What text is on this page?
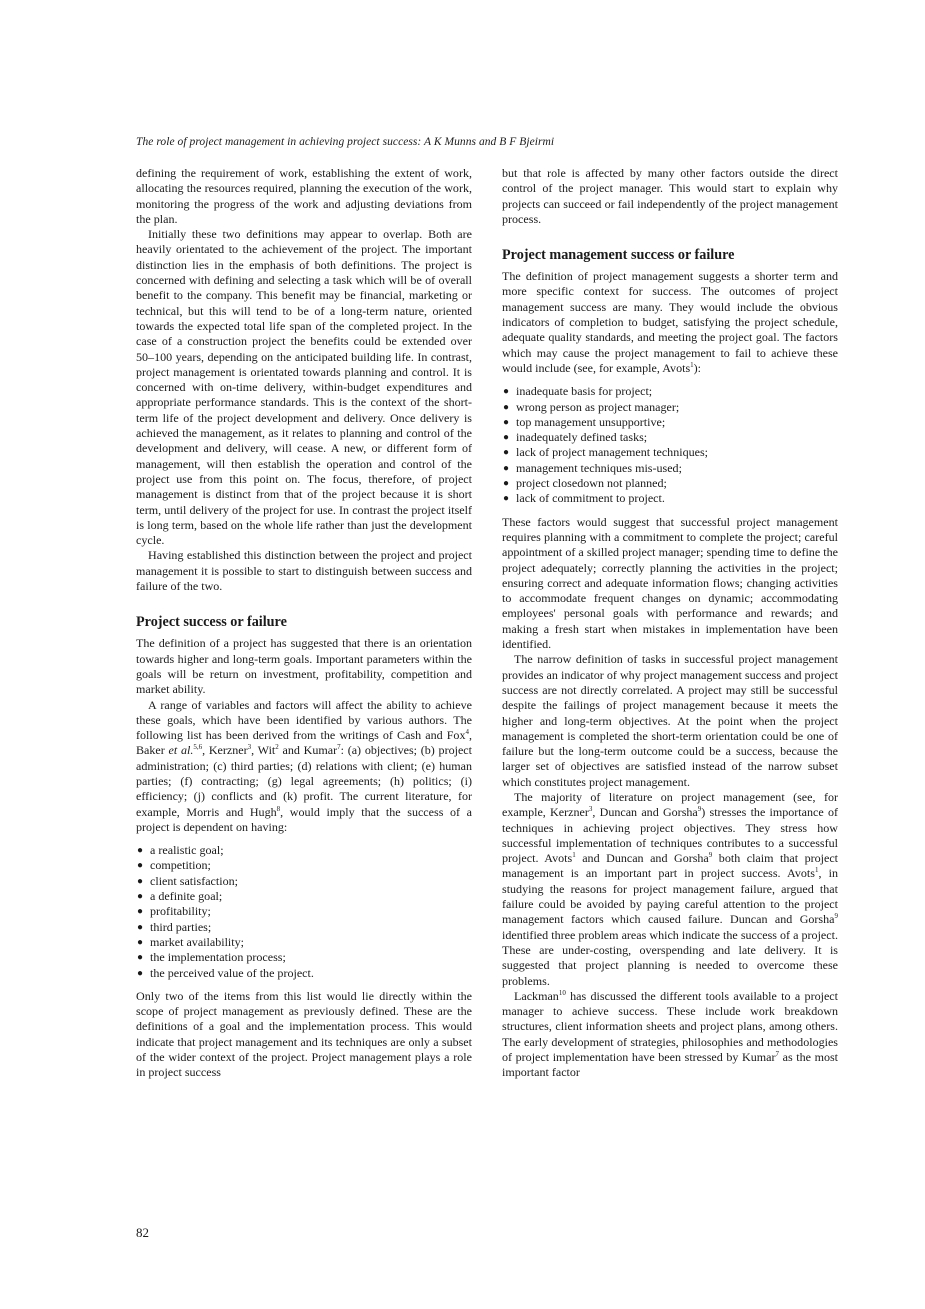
The role of project management in achieving project success: A K Munns and B F Bjeirmi

defining the requirement of work, establishing the extent of work, allocating the resources required, planning the execution of the work, monitoring the progress of the work and adjusting deviations from the plan.

Initially these two definitions may appear to overlap. Both are heavily orientated to the achievement of the project. The important distinction lies in the emphasis of both definitions. The project is concerned with defining and selecting a task which will be of overall benefit to the company. This benefit may be financial, marketing or technical, but this will tend to be of a long-term nature, oriented towards the expected total life span of the completed project. In the case of a construction project the benefits could be extended over 50–100 years, depending on the anticipated building life. In contrast, project management is orientated towards planning and control. It is concerned with on-time delivery, within-budget expenditures and appropriate performance standards. This is the context of the short-term life of the project development and delivery. Once delivery is achieved the management, as it relates to planning and control of the development and delivery, will cease. A new, or different form of management, will then establish the operation and control of the project use from this point on. The focus, therefore, of project management is distinct from that of the project because it is short term, until delivery of the project for use. In contrast the project itself is long term, based on the whole life rather than just the development cycle.

Having established this distinction between the project and project management it is possible to start to distinguish between success and failure of the two.

Project success or failure

The definition of a project has suggested that there is an orientation towards higher and long-term goals. Important parameters within the goals will be return on investment, profitability, competition and market ability.

A range of variables and factors will affect the ability to achieve these goals, which have been identified by various authors. The following list has been derived from the writings of Cash and Fox$^4$, Baker et al.$^{5,6}$, Kerzner$^3$, Wit$^2$ and Kumar$^7$: (a) objectives; (b) project administration; (c) third parties; (d) relations with client; (e) human parties; (f) contracting; (g) legal agreements; (h) politics; (i) efficiency; (j) conflicts and (k) profit. The current literature, for example, Morris and Hugh$^8$, would imply that the success of a project is dependent on having:

● a realistic goal;
● competition;
● client satisfaction;
● a definite goal;
● profitability;
● third parties;
● market availability;
● the implementation process;
● the perceived value of the project.

Only two of the items from this list would lie directly within the scope of project management as previously defined. These are the definitions of a goal and the implementation process. This would indicate that project management and its techniques are only a subset of the wider context of the project. Project management plays a role in project success

but that role is affected by many other factors outside the direct control of the project manager. This would start to explain why projects can succeed or fail independently of the project management process.

Project management success or failure

The definition of project management suggests a shorter term and more specific context for success. The outcomes of project management success are many. They would include the obvious indicators of completion to budget, satisfying the project schedule, adequate quality standards, and meeting the project goal. The factors which may cause the project management to fail to achieve these would include (see, for example, Avots$^1$):

● inadequate basis for project;
● wrong person as project manager;
● top management unsupportive;
● inadequately defined tasks;
● lack of project management techniques;
● management techniques mis-used;
● project closedown not planned;
● lack of commitment to project.

These factors would suggest that successful project management requires planning with a commitment to complete the project; careful appointment of a skilled project manager; spending time to define the project adequately; correctly planning the activities in the project; ensuring correct and adequate information flows; changing activities to accommodate frequent changes on dynamic; accommodating employees' personal goals with performance and rewards; and making a fresh start when mistakes in implementation have been identified.

The narrow definition of tasks in successful project management provides an indicator of why project management success and project success are not directly correlated. A project may still be successful despite the failings of project management because it meets the higher and long-term objectives. At the point when the project management is completed the short-term orientation could be one of failure but the long-term outcome could be a success, because the larger set of objectives are satisfied instead of the narrow subset which constitutes project management.

The majority of literature on project management (see, for example, Kerzner$^3$, Duncan and Gorsha$^9$) stresses the importance of techniques in achieving project objectives. They stress how successful implementation of techniques contributes to a successful project. Avots$^1$ and Duncan and Gorsha$^9$ both claim that project management is an important part in project success. Avots$^1$, in studying the reasons for project management failure, argued that failure could be avoided by paying careful attention to the project management factors which caused failure. Duncan and Gorsha$^9$ identified three problem areas which indicate the success of a project. These are under-costing, overspending and late delivery. It is suggested that project planning is needed to overcome these problems.

Lackman$^{10}$ has discussed the different tools available to a project manager to achieve success. These include work breakdown structures, client information sheets and project plans, among others. The early development of strategies, philosophies and methodologies of project implementation have been stressed by Kumar$^7$ as the most important factor

82
